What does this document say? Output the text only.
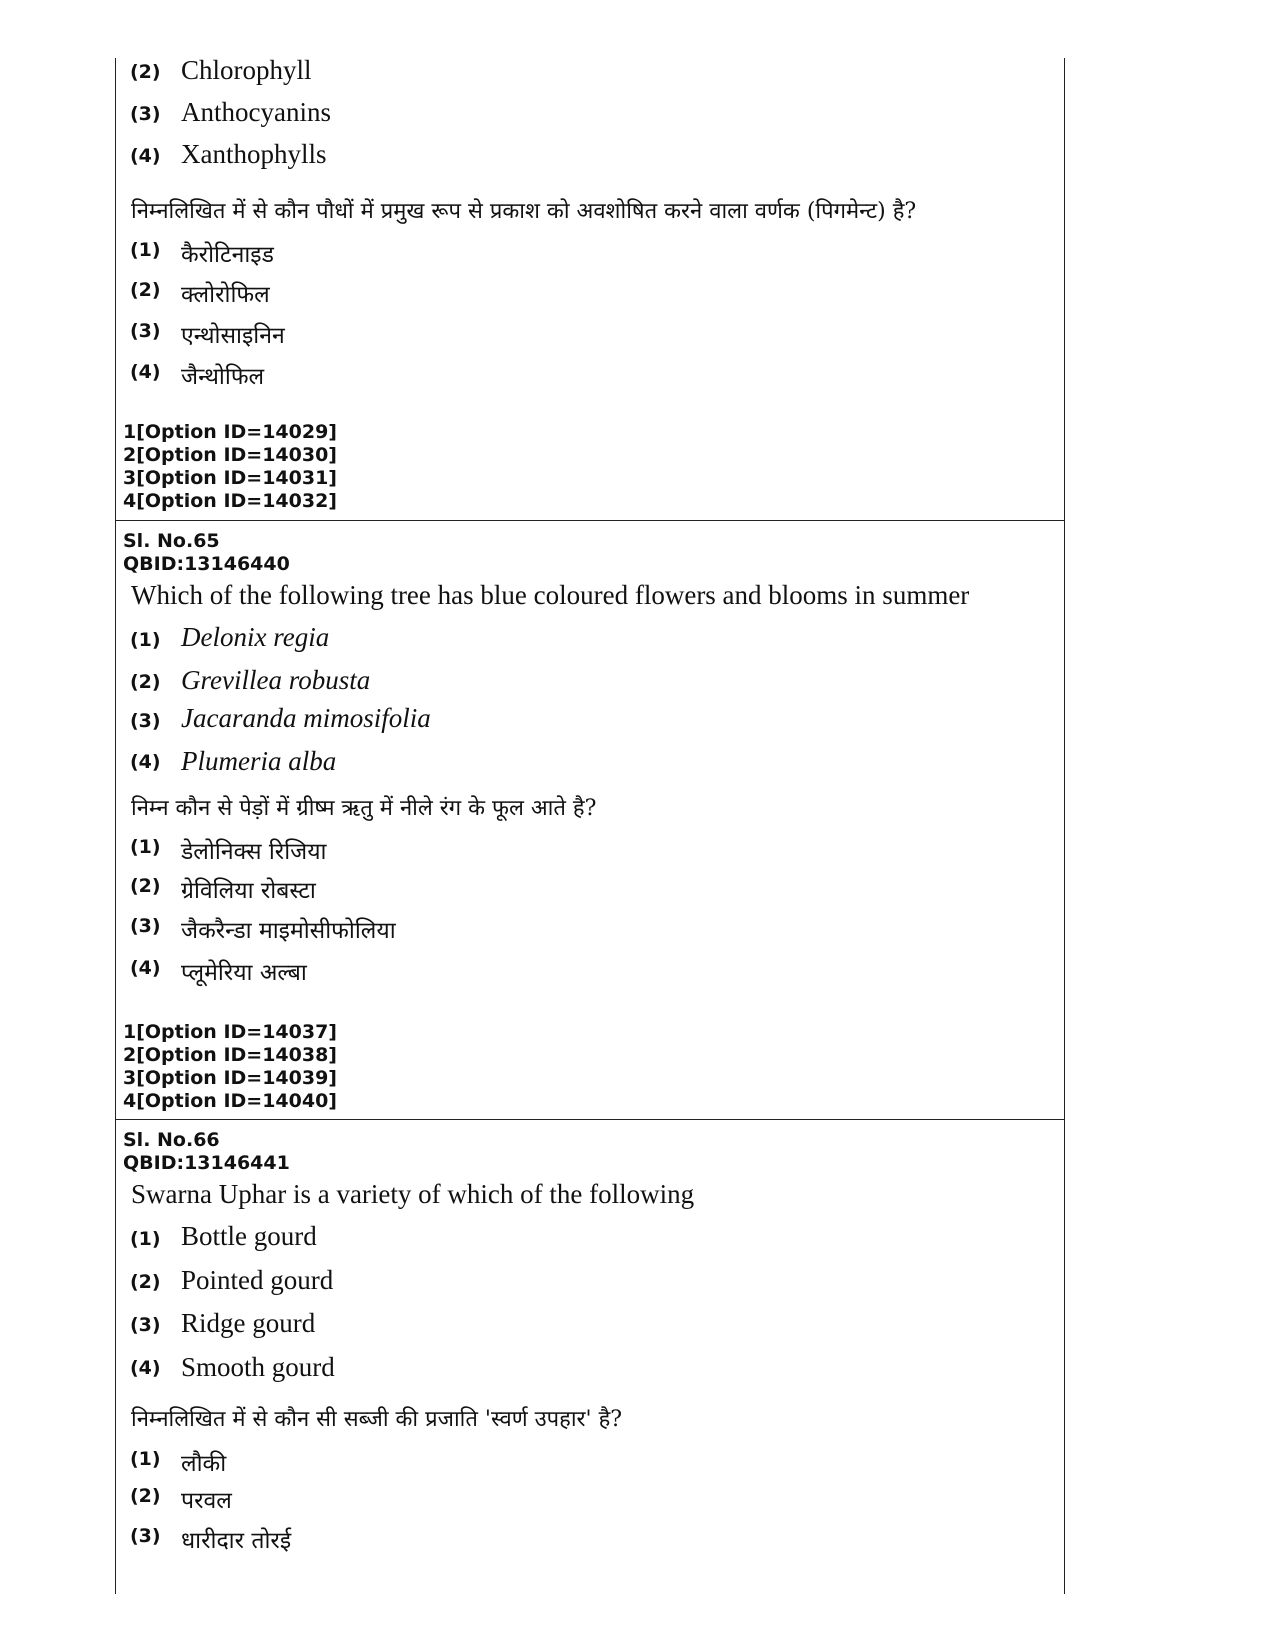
(2) Chlorophyll
(3) Anthocyanins
(4) Xanthophylls
निम्नलिखित में से कौन पौधों में प्रमुख रूप से प्रकाश को अवशोषित करने वाला वर्णक (पिगमेन्ट) है?
(1) कैरोटिनाइड
(2) क्लोरोफिल
(3) एन्थोसाइनिन
(4) जैन्थोफिल
1[Option ID=14029]
2[Option ID=14030]
3[Option ID=14031]
4[Option ID=14032]
Sl. No.65
QBID:13146440
Which of the following tree has blue coloured flowers and blooms in summer
(1) Delonix regia
(2) Grevillea robusta
(3) Jacaranda mimosifolia
(4) Plumeria alba
निम्न कौन से पेड़ों में ग्रीष्म ऋतु में नीले रंग के फूल आते है?
(1) डेलोनिक्स रिजिया
(2) ग्रेविलिया रोबस्टा
(3) जैकरैन्डा माइमोसीफोलिया
(4) प्लूमेरिया अल्बा
1[Option ID=14037]
2[Option ID=14038]
3[Option ID=14039]
4[Option ID=14040]
Sl. No.66
QBID:13146441
Swarna Uphar is a variety of which of the following
(1) Bottle gourd
(2) Pointed gourd
(3) Ridge gourd
(4) Smooth gourd
निम्नलिखित में से कौन सी सब्जी की प्रजाति 'स्वर्ण उपहार' है?
(1) लौकी
(2) परवल
(3) धारीदार तोरई
